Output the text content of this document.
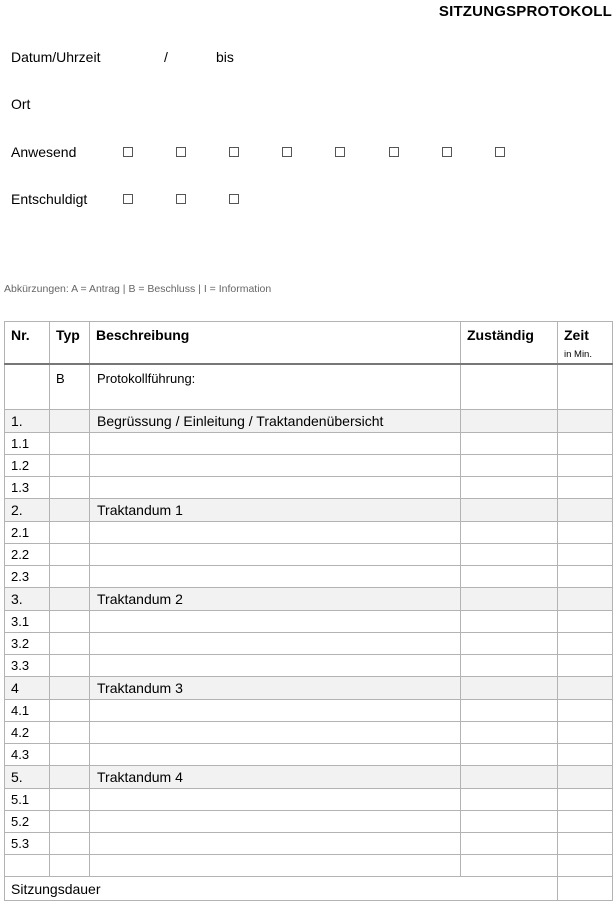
SITZUNGSPROTOKOLL
Datum/Uhrzeit	/	bis
Ort
Anwesend
Entschuldigt
Abkürzungen: A = Antrag | B = Beschluss | I = Information
Nr.	Typ	Beschreibung	Zuständig	Zeit
in Min.

	B	Protokollführung:		
1.		Begrüssung / Einleitung / Traktandenübersicht		
1.1				
1.2				
1.3				
2.		Traktandum 1		
2.1				
2.2				
2.3				
3.		Traktandum 2		
3.1				
3.2				
3.3				
4		Traktandum 3		
4.1				
4.2				
4.3				
5.		Traktandum 4		
5.1				
5.2				
5.3				

Sitzungsdauer				
